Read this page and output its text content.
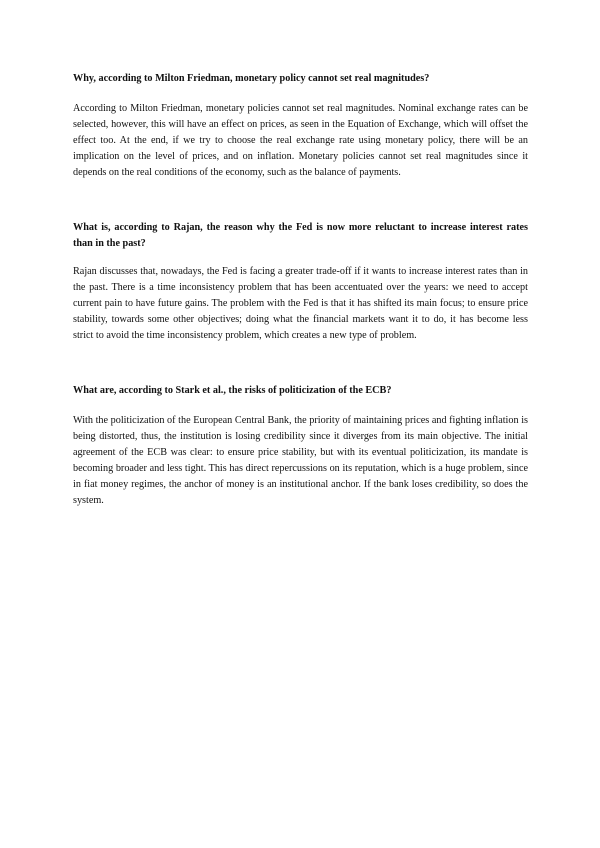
Why, according to Milton Friedman, monetary policy cannot set real magnitudes?

According to Milton Friedman, monetary policies cannot set real magnitudes. Nominal exchange rates can be selected, however, this will have an effect on prices, as seen in the Equation of Exchange, which will offset the effect too. At the end, if we try to choose the real exchange rate using monetary policy, there will be an implication on the level of prices, and on inflation. Monetary policies cannot set real magnitudes since it depends on the real conditions of the economy, such as the balance of payments.

What is, according to Rajan, the reason why the Fed is now more reluctant to increase interest rates than in the past?

Rajan discusses that, nowadays, the Fed is facing a greater trade-off if it wants to increase interest rates than in the past. There is a time inconsistency problem that has been accentuated over the years: we need to accept current pain to have future gains. The problem with the Fed is that it has shifted its main focus; to ensure price stability, towards some other objectives; doing what the financial markets want it to do, it has become less strict to avoid the time inconsistency problem, which creates a new type of problem.

What are, according to Stark et al., the risks of politicization of the ECB?

With the politicization of the European Central Bank, the priority of maintaining prices and fighting inflation is being distorted, thus, the institution is losing credibility since it diverges from its main objective. The initial agreement of the ECB was clear: to ensure price stability, but with its eventual politicization, its mandate is becoming broader and less tight. This has direct repercussions on its reputation, which is a huge problem, since in fiat money regimes, the anchor of money is an institutional anchor. If the bank loses credibility, so does the system.
